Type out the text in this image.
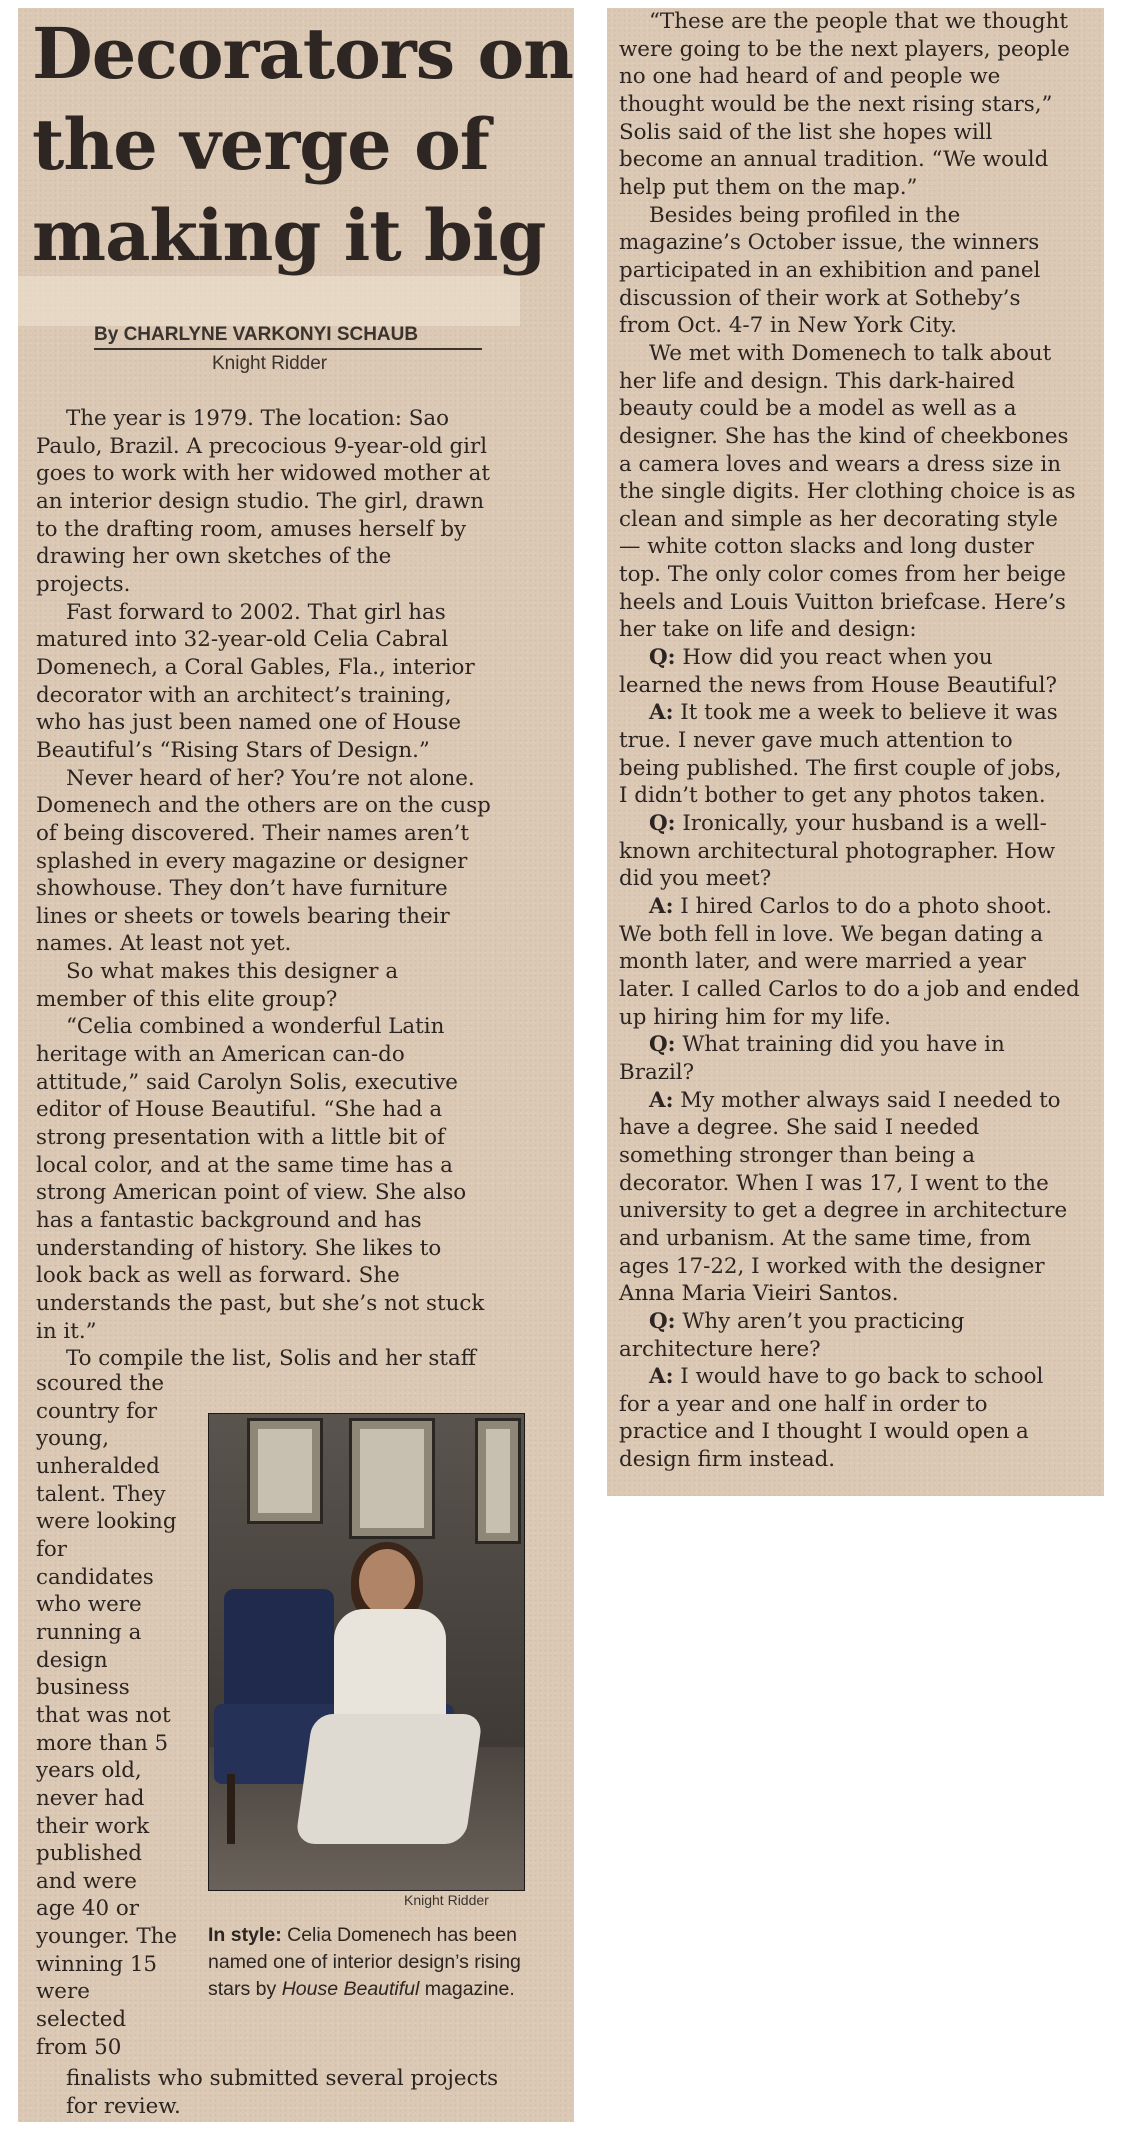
Decorators on
the verge of
making it big
By CHARLYNE VARKONYI SCHAUB
Knight Ridder

The year is 1979. The location: Sao

Paulo, Brazil. A precocious 9-year-old girl

goes to work with her widowed mother at

an interior design studio. The girl, drawn

to the drafting room, amuses herself by

drawing her own sketches of the

projects.

Fast forward to 2002. That girl has

matured into 32-year-old Celia Cabral

Domenech, a Coral Gables, Fla., interior

decorator with an architect’s training,

who has just been named one of House

Beautiful’s “Rising Stars of Design.”

Never heard of her? You’re not alone.

Domenech and the others are on the cusp

of being discovered. Their names aren’t

splashed in every magazine or designer

showhouse. They don’t have furniture

lines or sheets or towels bearing their

names. At least not yet.

So what makes this designer a

member of this elite group?

“Celia combined a wonderful Latin

heritage with an American can-do

attitude,” said Carolyn Solis, executive

editor of House Beautiful. “She had a

strong presentation with a little bit of

local color, and at the same time has a

strong American point of view. She also

has a fantastic background and has

understanding of history. She likes to

look back as well as forward. She

understands the past, but she’s not stuck

in it.”

To compile the list, Solis and her staff

scoured the

country for

young,

unheralded

talent. They

were looking

for

candidates

who were

running a

design

business

that was not

more than 5

years old,

never had

their work

published

and were

age 40 or

younger. The

winning 15

were

selected

from 50

finalists who submitted several projects

for review.

Knight Ridder
In style: Celia Domenech has been named one of interior design’s rising stars by House Beautiful magazine.

“These are the people that we thought

were going to be the next players, people

no one had heard of and people we

thought would be the next rising stars,”

Solis said of the list she hopes will

become an annual tradition. “We would

help put them on the map.”

Besides being profiled in the

magazine’s October issue, the winners

participated in an exhibition and panel

discussion of their work at Sotheby’s

from Oct. 4-7 in New York City.

We met with Domenech to talk about

her life and design. This dark-haired

beauty could be a model as well as a

designer. She has the kind of cheekbones

a camera loves and wears a dress size in

the single digits. Her clothing choice is as

clean and simple as her decorating style

— white cotton slacks and long duster

top. The only color comes from her beige

heels and Louis Vuitton briefcase. Here’s

her take on life and design:

Q: How did you react when you

learned the news from House Beautiful?

A: It took me a week to believe it was

true. I never gave much attention to

being published. The first couple of jobs,

I didn’t bother to get any photos taken.

Q: Ironically, your husband is a well-

known architectural photographer. How

did you meet?

A: I hired Carlos to do a photo shoot.

We both fell in love. We began dating a

month later, and were married a year

later. I called Carlos to do a job and ended

up hiring him for my life.

Q: What training did you have in

Brazil?

A: My mother always said I needed to

have a degree. She said I needed

something stronger than being a

decorator. When I was 17, I went to the

university to get a degree in architecture

and urbanism. At the same time, from

ages 17-22, I worked with the designer

Anna Maria Vieiri Santos.

Q: Why aren’t you practicing

architecture here?

A: I would have to go back to school

for a year and one half in order to

practice and I thought I would open a

design firm instead.
